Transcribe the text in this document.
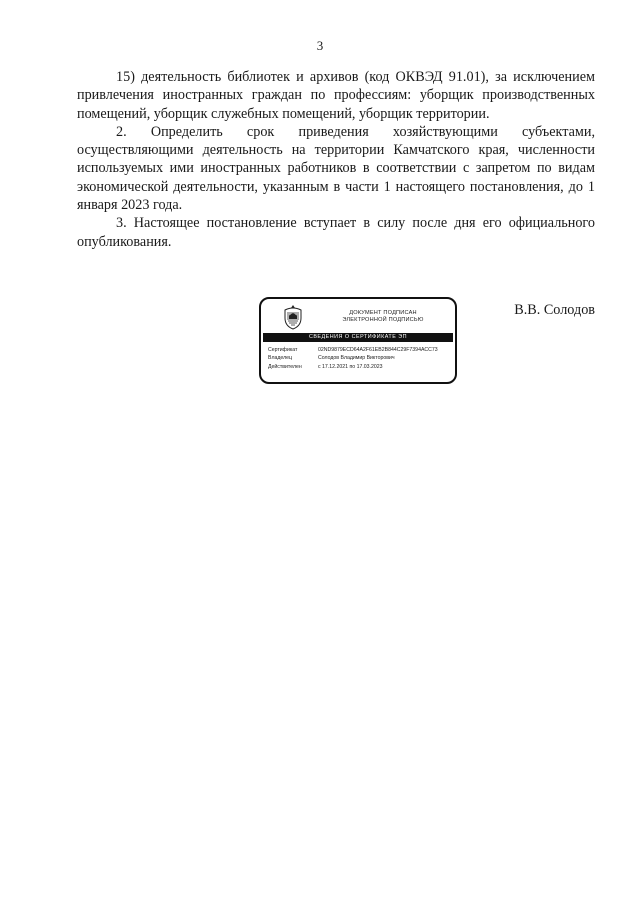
3

15) деятельность библиотек и архивов (код ОКВЭД 91.01), за исключением привлечения иностранных граждан по профессиям: уборщик производственных помещений, уборщик служебных помещений, уборщик территории.

2. Определить срок приведения хозяйствующими субъектами, осуществляющими деятельность на территории Камчатского края, численности используемых ими иностранных работников в соответствии с запретом по видам экономической деятельности, указанным в части 1 настоящего постановления, до 1 января 2023 года.

3. Настоящее постановление вступает в силу после дня его официального опубликования.

ДОКУМЕНТ ПОДПИСАН
ЭЛЕКТРОННОЙ ПОДПИСЬЮ
СВЕДЕНИЯ О СЕРТИФИКАТЕ ЭП
Сертификат	02ND9879ECD64A2F61EB2B844C29F7394ACC73
Владелец	Солодов Владимир Викторович
Действителен	с 17.12.2021 по 17.03.2023
В.В. Солодов
